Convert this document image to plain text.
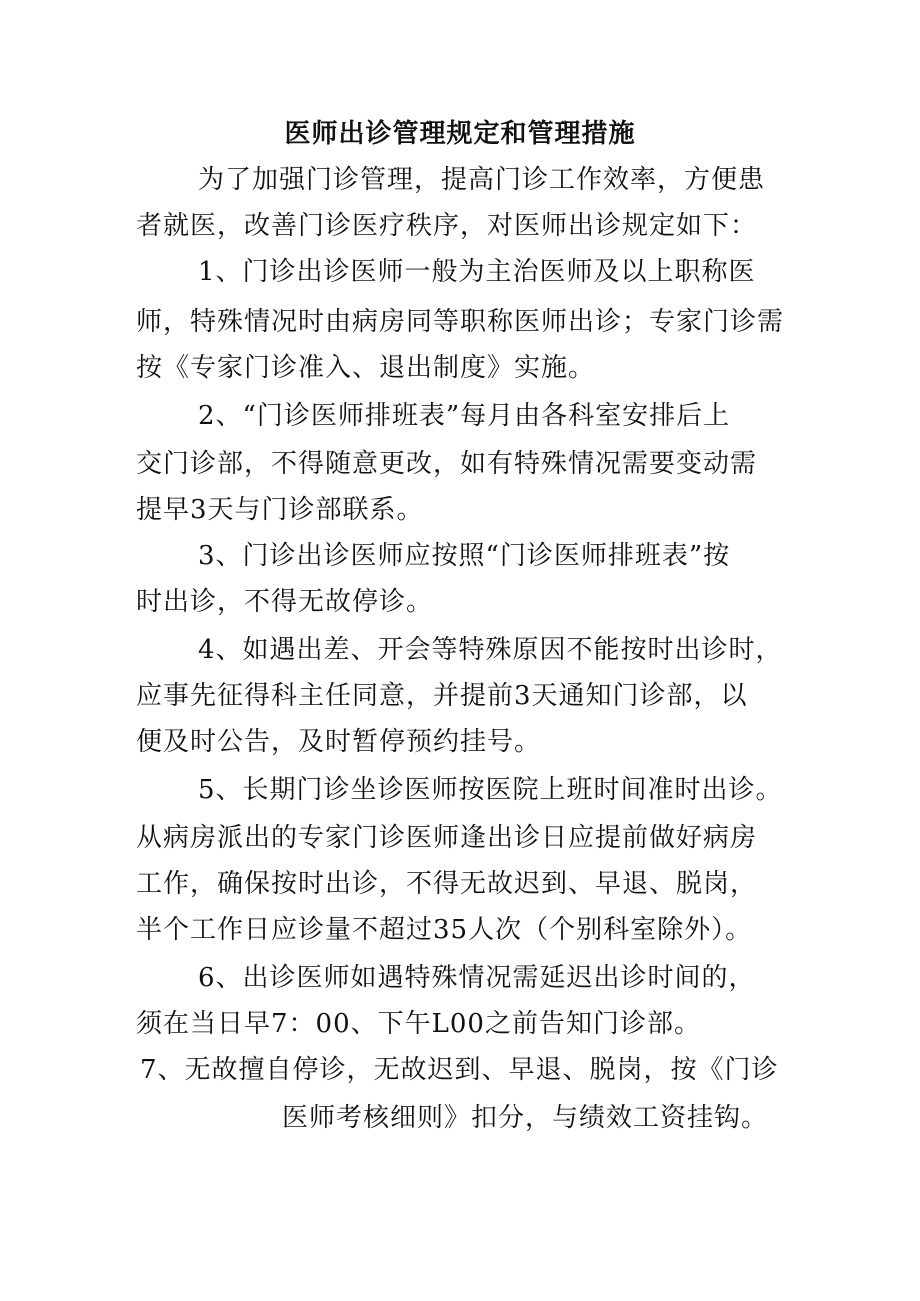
医师出诊管理规定和管理措施
为了加强门诊管理，提高门诊工作效率，方便患
者就医，改善门诊医疗秩序，对医师出诊规定如下：
1、门诊出诊医师一般为主治医师及以上职称医
师，特殊情况时由病房同等职称医师出诊；专家门诊需
按《专家门诊准入、退出制度》实施。
2、“门诊医师排班表”每月由各科室安排后上
交门诊部，不得随意更改，如有特殊情况需要变动需
提早3天与门诊部联系。
3、门诊出诊医师应按照“门诊医师排班表”按
时出诊，不得无故停诊。
4、如遇出差、开会等特殊原因不能按时出诊时，
应事先征得科主任同意，并提前3天通知门诊部，以
便及时公告，及时暂停预约挂号。
5、长期门诊坐诊医师按医院上班时间准时出诊。
从病房派出的专家门诊医师逢出诊日应提前做好病房
工作，确保按时出诊，不得无故迟到、早退、脱岗，
半个工作日应诊量不超过35人次（个别科室除外）。
6、出诊医师如遇特殊情况需延迟出诊时间的，
须在当日早7：00、下午L00之前告知门诊部。
7、无故擅自停诊，无故迟到、早退、脱岗，按《门诊
医师考核细则》扣分，与绩效工资挂钩。
